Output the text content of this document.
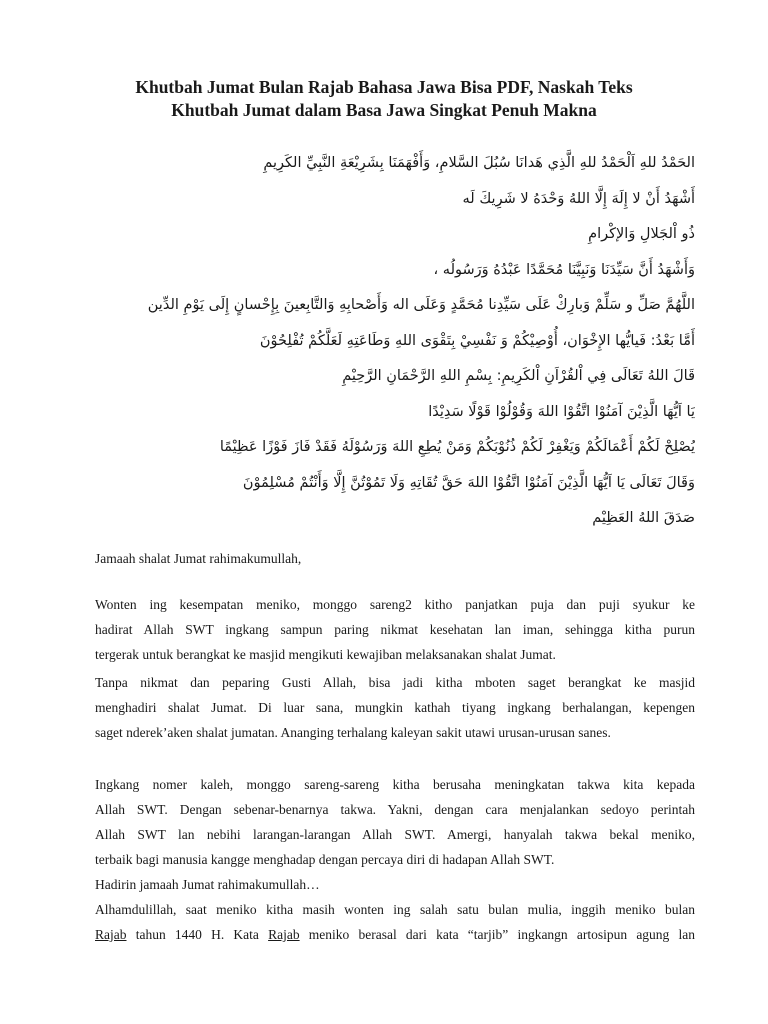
Khutbah Jumat Bulan Rajab Bahasa Jawa Bisa PDF, Naskah Teks
Khutbah Jumat dalam Basa Jawa Singkat Penuh Makna
الحَمْدُ للهِ اَلْحَمْدُ للهِ الَّذِي هَدانَا سُبُلَ السَّلامِ، وَأَفْهَمَنَا بِشَرِيْعَةِ النَّبِيِّ الكَرِيمِ
أَشْهَدُ أَنْ لا إِلَهَ إِلَّا اللهُ وَحْدَهُ لا شَرِيكَ لَه
ذُو اْلجَلالِ وَالإكْرامِ
وَأَشْهَدُ أَنَّ سَيِّدَنَا وَنَبِيَّنَا مُحَمَّدًا عَبْدُهُ وَرَسُولُه ،
اللَّهُمَّ صَلِّ و سَلِّمْ وَبارِكْ عَلَى سَيِّدِنا مُحَمَّدٍ وَعَلَى اله وَأَصْحابِهِ وَالتَّابِعينَ بِإِحْسانٍ إِلَى يَوْمِ الدِّين
أَمَّا بَعْدُ: فَيايُّها الإِخْوَان، أُوْصِيْكُمْ وَ نَفْسِيْ بِتَقْوَى اللهِ وَطَاعَتِهِ لَعَلَّكُمْ تُفْلِحُوْنَ
قَالَ اللهُ تَعَالَى فِي اْلقُرْاَنِ اْلكَرِيمِ: بِسْمِ اللهِ الرَّحْمَانِ الرَّحِيْمِ
يَا اَيُّهَا الَّذِيْنَ آمَنُوْا اتَّقُوْا اللهَ وَقُوْلُوْا قَوْلًا سَدِيْدًا
يُصْلِحْ لَكُمْ أَعْمَالَكُمْ وَيَغْفِرْ لَكُمْ ذُنُوْبَكُمْ وَمَنْ يُطِعِ اللهَ وَرَسُوْلَهُ فَقَدْ فَازَ فَوْزًا عَظِيْمًا
وَقَالَ تَعَالَى يَا اَيُّهَا الَّذِيْنَ آمَنُوْا اتَّقُوْا اللهَ حَقَّ تُقَاتِهِ وَلَا تَمُوْتُنَّ إِلَّا وَأَنْتُمْ مُسْلِمُوْنَ
صَدَقَ اللهُ العَظِيْم

Jamaah shalat Jumat rahimakumullah,

Wonten ing kesempatan meniko, monggo sareng2 kitho panjatkan puja dan puji syukur ke
hadirat Allah SWT ingkang sampun paring nikmat kesehatan lan iman, sehingga kitha purun
tergerak untuk berangkat ke masjid mengikuti kewajiban melaksanakan shalat Jumat.

Tanpa nikmat dan peparing Gusti Allah, bisa jadi kitha mboten saget berangkat ke masjid
menghadiri shalat Jumat. Di luar sana, mungkin kathah tiyang ingkang berhalangan, kepengen
saget nderek’aken shalat jumatan. Ananging terhalang kaleyan sakit utawi urusan-urusan sanes.

Ingkang nomer kaleh, monggo sareng-sareng kitha berusaha meningkatan takwa kita kepada
Allah SWT. Dengan sebenar-benarnya takwa. Yakni, dengan cara menjalankan sedoyo perintah
Allah SWT lan nebihi larangan-larangan Allah SWT. Amergi, hanyalah takwa bekal meniko,
terbaik bagi manusia kangge menghadap dengan percaya diri di hadapan Allah SWT.
Hadirin jamaah Jumat rahimakumullah…
Alhamdulillah, saat meniko kitha masih wonten ing salah satu bulan mulia, inggih meniko bulan
Rajab tahun 1440 H. Kata Rajab meniko berasal dari kata “tarjib” ingkangn artosipun agung lan
